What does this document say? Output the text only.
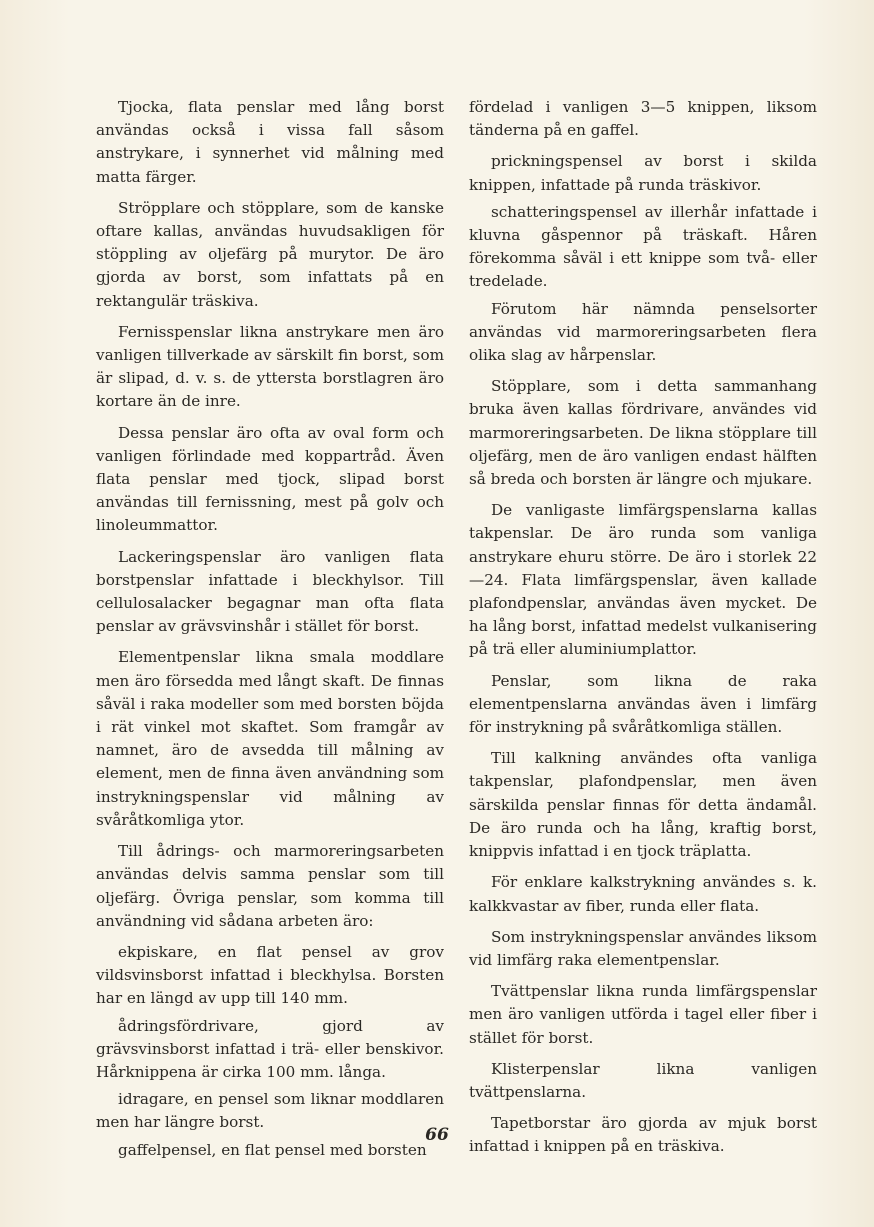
Tjocka, flata penslar med lång borst användas också i vissa fall såsom anstrykare, i synnerhet vid målning med matta färger.

Ströpplare och stöpplare, som de kanske oftare kallas, användas huvudsakligen för stöppling av oljefärg på murytor. De äro gjorda av borst, som infattats på en rektangulär träskiva.

Fernisspenslar likna anstrykare men äro vanligen tillverkade av särskilt fin borst, som är slipad, d. v. s. de yttersta borstlagren äro kortare än de inre.

Dessa penslar äro ofta av oval form och vanligen förlindade med koppartråd. Även flata penslar med tjock, slipad borst användas till fernissning, mest på golv och linoleummattor.

Lackeringspenslar äro vanligen flata borstpenslar infattade i bleckhylsor. Till cellulosalacker begagnar man ofta flata penslar av grävsvinshår i stället för borst.

Elementpenslar likna smala moddlare men äro försedda med långt skaft. De finnas såväl i raka modeller som med borsten böjda i rät vinkel mot skaftet. Som framgår av namnet, äro de avsedda till målning av element, men de finna även användning som instrykningspenslar vid målning av svåråtkomliga ytor.

Till ådrings- och marmoreringsarbeten användas delvis samma penslar som till oljefärg. Övriga penslar, som komma till användning vid sådana arbeten äro:

ekpiskare, en flat pensel av grov vildsvinsborst infattad i bleckhylsa. Borsten har en längd av upp till 140 mm.

ådringsfördrivare, gjord av grävsvinsborst infattad i trä- eller benskivor. Hårknippena är cirka 100 mm. långa.

idragare, en pensel som liknar moddlaren men har längre borst.

gaffelpensel, en flat pensel med borsten

fördelad i vanligen 3—5 knippen, liksom tänderna på en gaffel.

prickningspensel av borst i skilda knippen, infattade på runda träskivor.

schatteringspensel av illerhår infattade i kluvna gåspennor på träskaft. Håren förekomma såväl i ett knippe som två- eller tredelade.

Förutom här nämnda penselsorter användas vid marmoreringsarbeten flera olika slag av hårpenslar.

Stöpplare, som i detta sammanhang bruka även kallas fördrivare, användes vid marmoreringsarbeten. De likna stöpplare till oljefärg, men de äro vanligen endast hälften så breda och borsten är längre och mjukare.

De vanligaste limfärgspenslarna kallas takpenslar. De äro runda som vanliga anstrykare ehuru större. De äro i storlek 22—24. Flata limfärgspenslar, även kallade plafondpenslar, användas även mycket. De ha lång borst, infattad medelst vulkanisering på trä eller aluminiumplattor.

Penslar, som likna de raka elementpenslarna användas även i limfärg för instrykning på svåråtkomliga ställen.

Till kalkning användes ofta vanliga takpenslar, plafondpenslar, men även särskilda penslar finnas för detta ändamål. De äro runda och ha lång, kraftig borst, knippvis infattad i en tjock träplatta.

För enklare kalkstrykning användes s. k. kalkkvastar av fiber, runda eller flata.

Som instrykningspenslar användes liksom vid limfärg raka elementpenslar.

Tvättpenslar likna runda limfärgspenslar men äro vanligen utförda i tagel eller fiber i stället för borst.

Klisterpenslar likna vanligen tvättpenslarna.

Tapetborstar äro gjorda av mjuk borst infattad i knippen på en träskiva.

66
